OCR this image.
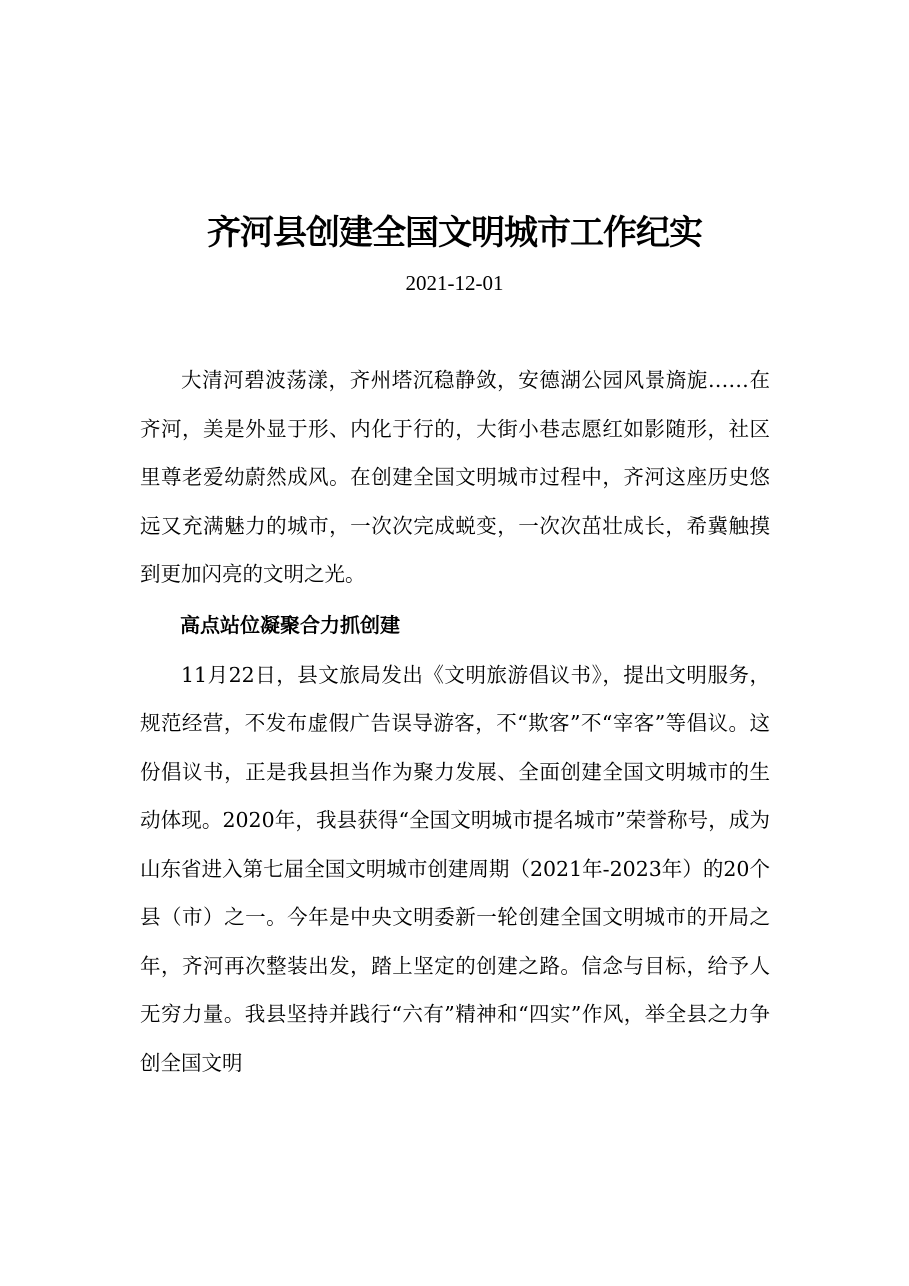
齐河县创建全国文明城市工作纪实
2021-12-01

大清河碧波荡漾，齐州塔沉稳静敛，安德湖公园风景旖旎……在齐河，美是外显于形、内化于行的，大街小巷志愿红如影随形，社区里尊老爱幼蔚然成风。在创建全国文明城市过程中，齐河这座历史悠远又充满魅力的城市，一次次完成蜕变，一次次茁壮成长，希冀触摸到更加闪亮的文明之光。

高点站位凝聚合力抓创建

11月22日，县文旅局发出《文明旅游倡议书》，提出文明服务，规范经营，不发布虚假广告误导游客，不“欺客”不“宰客”等倡议。这份倡议书，正是我县担当作为聚力发展、全面创建全国文明城市的生动体现。2020年，我县获得“全国文明城市提名城市”荣誉称号，成为山东省进入第七届全国文明城市创建周期（2021年-2023年）的20个县（市）之一。今年是中央文明委新一轮创建全国文明城市的开局之年，齐河再次整装出发，踏上坚定的创建之路。信念与目标，给予人无穷力量。我县坚持并践行“六有”精神和“四实”作风，举全县之力争创全国文明
